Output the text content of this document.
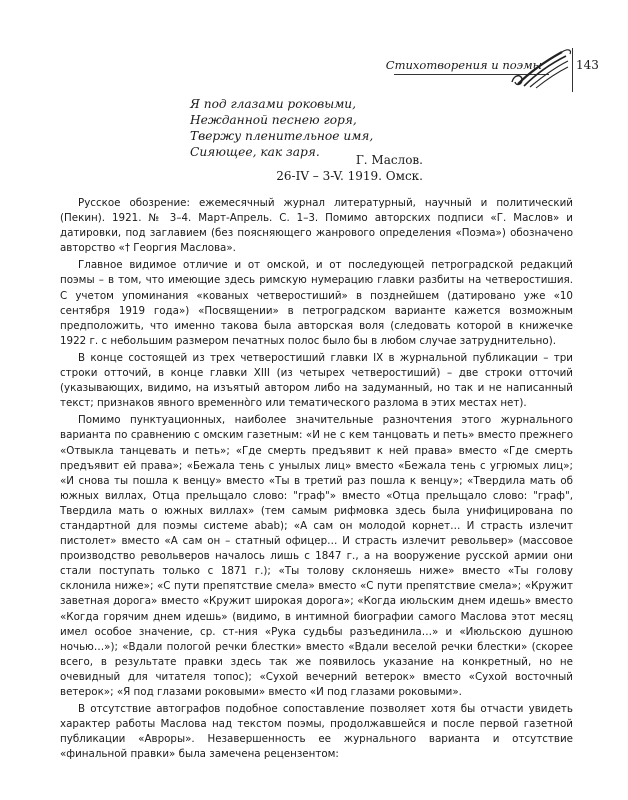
Стихотворения и поэмы	143
Я под глазами роковыми,
Нежданной песнею горя,
Твержу пленительное имя,
Сияющее, как заря.
Г. Маслов.
26-IV – 3-V. 1919. Омск.

Русское обозрение: ежемесячный журнал литературный, научный и политический (Пекин). 1921. № 3–4. Март-Апрель. С. 1–3. Помимо авторских подписи «Г. Маслов» и датировки, под заглавием (без поясняющего жанрового определения «Поэма») обозначено авторство «† Георгия Маслова».

Главное видимое отличие и от омской, и от последующей петроградской редакций поэмы – в том, что имеющие здесь римскую нумерацию главки разбиты на четверостишия. С учетом упоминания «кованых четверостиший» в позднейшем (датировано уже «10 сентября 1919 года») «Посвящении» в петроградском варианте кажется возможным предположить, что именно такова была авторская воля (следовать которой в книжечке 1922 г. с небольшим размером печатных полос было бы в любом случае затруднительно).

В конце состоящей из трех четверостиший главки IX в журнальной публикации – три строки отточий, в конце главки XIII (из четырех четверостиший) – две строки отточий (указывающих, видимо, на изъятый автором либо на задуманный, но так и не написанный текст; признаков явного временно̀го или тематического разлома в этих местах нет).

Помимо пунктуационных, наиболее значительные разночтения этого журнального варианта по сравнению с омским газетным: «И не с кем танцовать и петь» вместо прежнего «Отвыкла танцевать и петь»; «Где смерть предъявит к ней права» вместо «Где смерть предъявит ей права»; «Бежала тень с унылых лиц» вместо «Бежала тень с угрюмых лиц»; «И снова ты пошла к венцу» вместо «Ты в третий раз пошла к венцу»; «Твердила мать об южных виллах, Отца прельщало слово: "граф"» вместо «Отца прельщало слово: "граф", Твердила мать о южных виллах» (тем самым рифмовка здесь была унифицирована по стандартной для поэмы системе abab); «А сам он молодой корнет… И страсть излечит пистолет» вместо «А сам он – статный офицер… И страсть излечит револьвер» (массовое производство револьверов началось лишь с 1847 г., а на вооружение русской армии они стали поступать только с 1871 г.); «Ты толову склоняешь ниже» вместо «Ты голову склонила ниже»; «С пути препятствие смела» вместо «С пути препятствие смела»; «Кружит заветная дорога» вместо «Кружит широкая дорога»; «Когда июльским днем идешь» вместо «Когда горячим днем идешь» (видимо, в интимной биографии самого Маслова этот месяц имел особое значение, ср. ст-ния «Рука судьбы разъединила…» и «Июльскою душною ночью…»); «Вдали пологой речки блестки» вместо «Вдали веселой речки блестки» (скорее всего, в результате правки здесь так же появилось указание на конкретный, но не очевидный для читателя топос); «Сухой вечерний ветерок» вместо «Сухой восточный ветерок»; «Я под глазами роковыми» вместо «И под глазами роковыми».

В отсутствие автографов подобное сопоставление позволяет хотя бы отчасти увидеть характер работы Маслова над текстом поэмы, продолжавшейся и после первой газетной публикации «Авроры». Незавершенность ее журнального варианта и отсутствие «финальной правки» была замечена рецензентом:
